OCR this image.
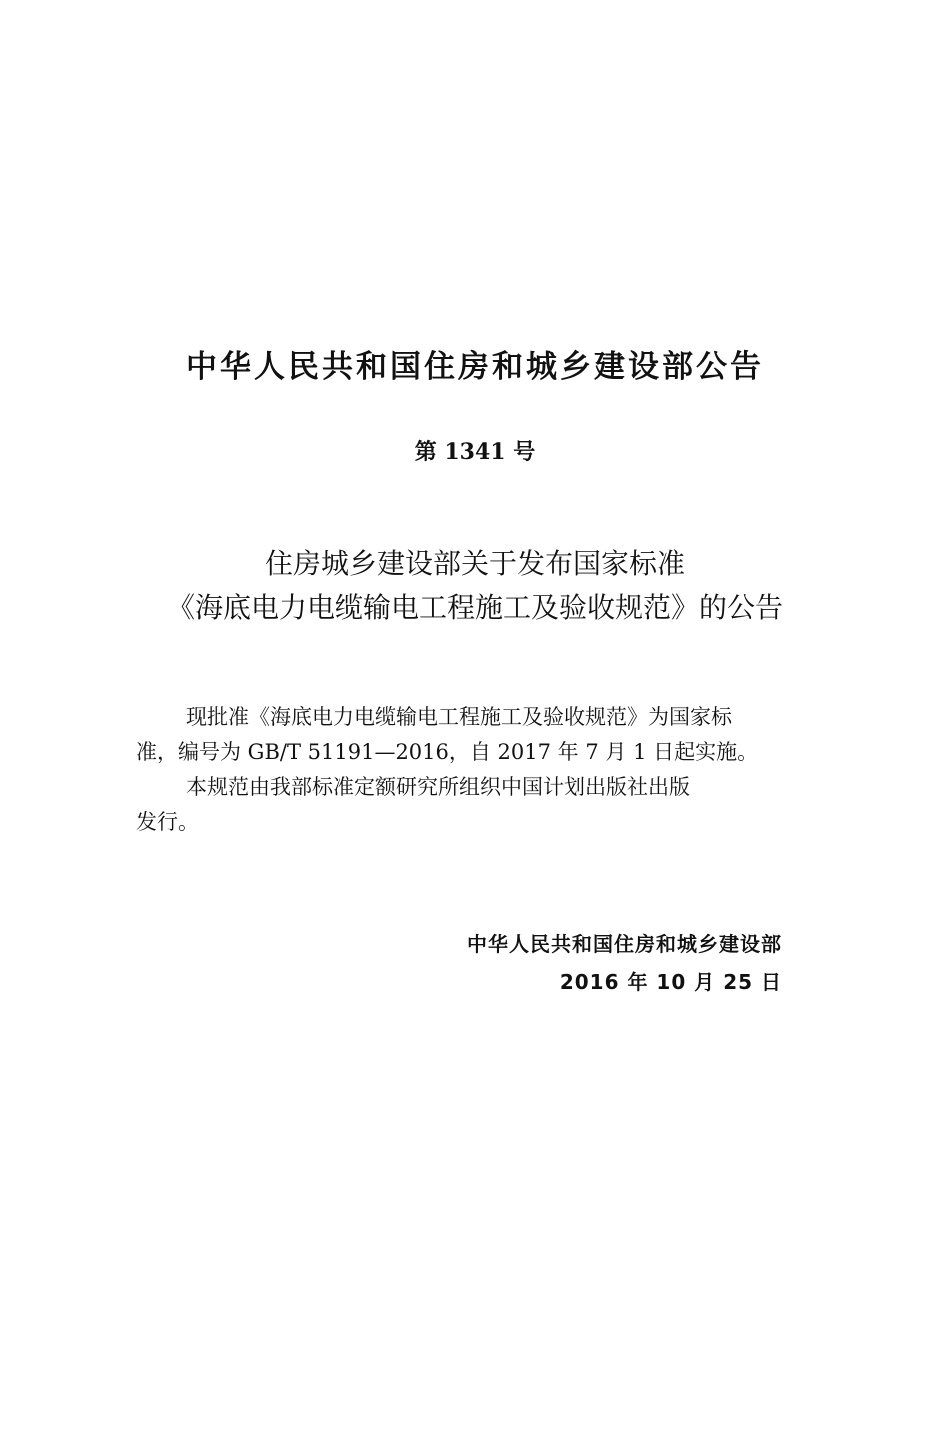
中华人民共和国住房和城乡建设部公告
第 1341 号
住房城乡建设部关于发布国家标准
《海底电力电缆输电工程施工及验收规范》的公告
现批准《海底电力电缆输电工程施工及验收规范》为国家标
准，编号为 GB/T 51191—2016，自 2017 年 7 月 1 日起实施。
本规范由我部标准定额研究所组织中国计划出版社出版
发行。
中华人民共和国住房和城乡建设部
2016 年 10 月 25 日
